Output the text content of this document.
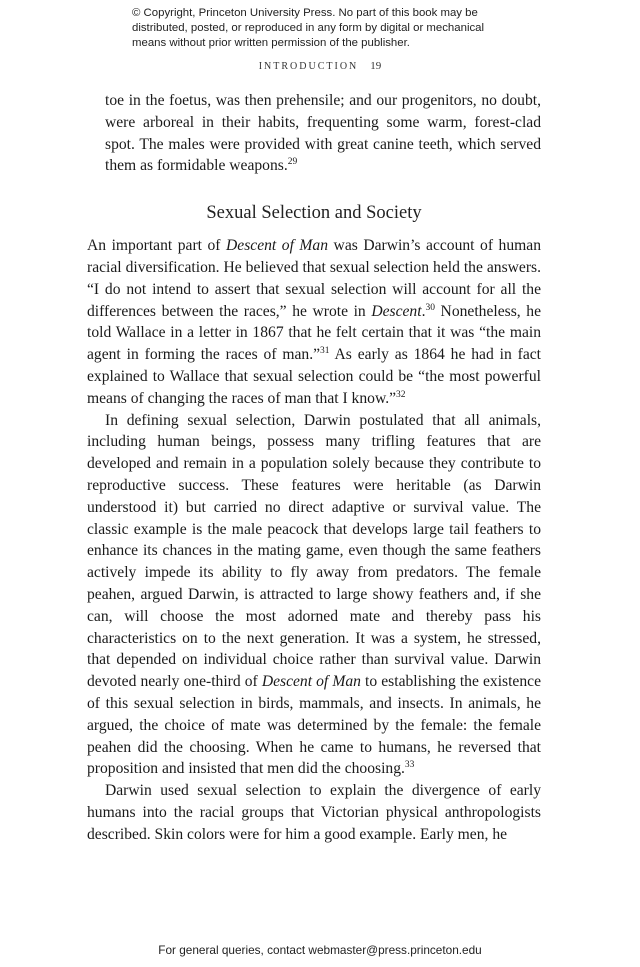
© Copyright, Princeton University Press. No part of this book may be
distributed, posted, or reproduced in any form by digital or mechanical
means without prior written permission of the publisher.
INTRODUCTION 19

toe in the foetus, was then prehensile; and our progenitors, no doubt, were arboreal in their habits, frequenting some warm, forest-clad spot. The males were provided with great canine teeth, which served them as formidable weapons.$^{29}$

Sexual Selection and Society

An important part of Descent of Man was Darwin’s account of human racial diversification. He believed that sexual selection held the answers. “I do not intend to assert that sexual selection will account for all the differences between the races,” he wrote in Descent.$^{30}$ Nonetheless, he told Wallace in a letter in 1867 that he felt certain that it was “the main agent in forming the races of man.”$^{31}$ As early as 1864 he had in fact explained to Wallace that sexual selection could be “the most powerful means of changing the races of man that I know.”$^{32}$

In defining sexual selection, Darwin postulated that all animals, including human beings, possess many trifling features that are developed and remain in a population solely because they contribute to reproductive success. These features were heritable (as Darwin understood it) but carried no direct adaptive or survival value. The classic example is the male peacock that develops large tail feathers to enhance its chances in the mating game, even though the same feathers actively impede its ability to fly away from predators. The female peahen, argued Darwin, is attracted to large showy feathers and, if she can, will choose the most adorned mate and thereby pass his characteristics on to the next generation. It was a system, he stressed, that depended on individual choice rather than survival value. Darwin devoted nearly one-third of Descent of Man to establishing the existence of this sexual selection in birds, mammals, and insects. In animals, he argued, the choice of mate was determined by the female: the female peahen did the choosing. When he came to humans, he reversed that proposition and insisted that men did the choosing.$^{33}$

Darwin used sexual selection to explain the divergence of early humans into the racial groups that Victorian physical anthropologists described. Skin colors were for him a good example. Early men, he

For general queries, contact webmaster@press.princeton.edu
